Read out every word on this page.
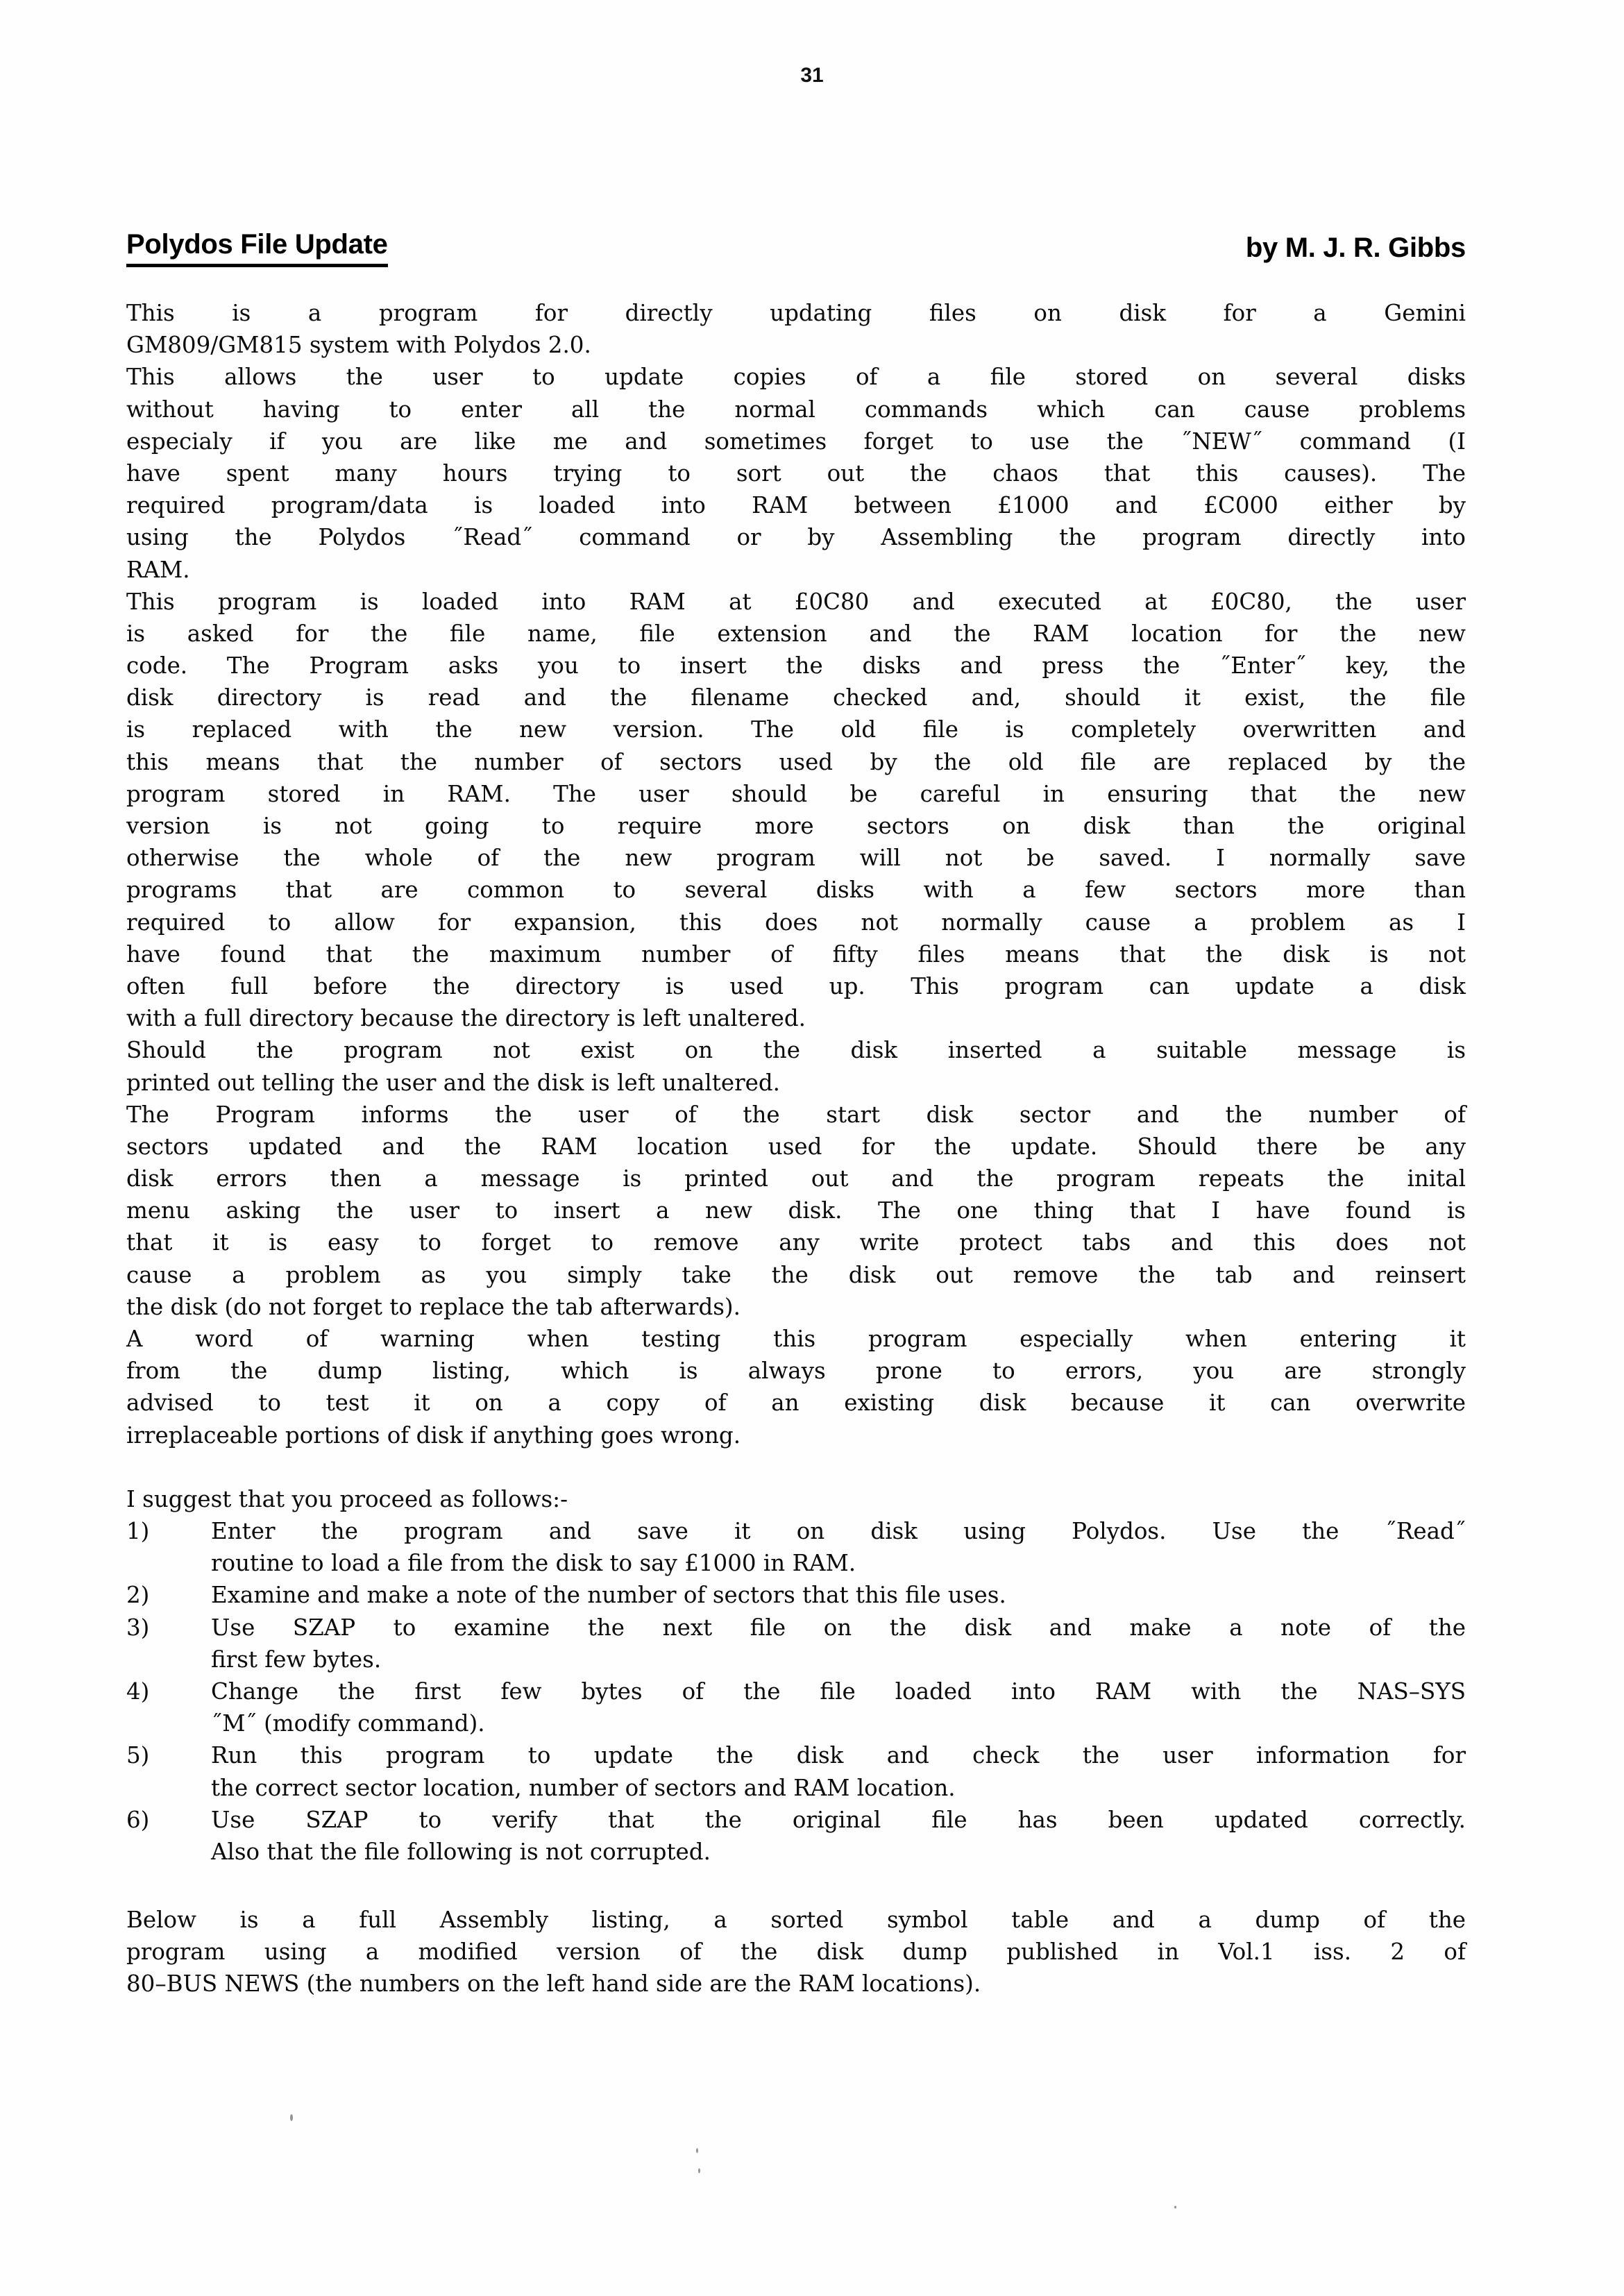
31
Polydos File Update	by M. J. R. Gibbs
This is a program for directly updating files on disk for a Gemini
GM809/GM815 system with Polydos 2.0.
This allows the user to update copies of a file stored on several disks
without having to enter all the normal commands which can cause problems
especialy if you are like me and sometimes forget to use the ˝NEW˝ command (I
have spent many hours trying to sort out the chaos that this causes). The
required program/data is loaded into RAM between £1000 and £C000 either by
using the Polydos ˝Read˝ command or by Assembling the program directly into
RAM.
This program is loaded into RAM at £0C80 and executed at £0C80, the user
is asked for the file name, file extension and the RAM location for the new
code. The Program asks you to insert the disks and press the ˝Enter˝ key, the
disk directory is read and the filename checked and, should it exist, the file
is replaced with the new version. The old file is completely overwritten and
this means that the number of sectors used by the old file are replaced by the
program stored in RAM. The user should be careful in ensuring that the new
version is not going to require more sectors on disk than the original
otherwise the whole of the new program will not be saved. I normally save
programs that are common to several disks with a few sectors more than
required to allow for expansion, this does not normally cause a problem as I
have found that the maximum number of fifty files means that the disk is not
often full before the directory is used up. This program can update a disk
with a full directory because the directory is left unaltered.
Should the program not exist on the disk inserted a suitable message is
printed out telling the user and the disk is left unaltered.
The Program informs the user of the start disk sector and the number of
sectors updated and the RAM location used for the update. Should there be any
disk errors then a message is printed out and the program repeats the inital
menu asking the user to insert a new disk. The one thing that I have found is
that it is easy to forget to remove any write protect tabs and this does not
cause a problem as you simply take the disk out remove the tab and reinsert
the disk (do not forget to replace the tab afterwards).
A word of warning when testing this program especially when entering it
from the dump listing, which is always prone to errors, you are strongly
advised to test it on a copy of an existing disk because it can overwrite
irreplaceable portions of disk if anything goes wrong.
I suggest that you proceed as follows:-
1)	Enter the program and save it on disk using Polydos. Use the ˝Read˝
routine to load a file from the disk to say £1000 in RAM.
2)	Examine and make a note of the number of sectors that this file uses.
3)	Use SZAP to examine the next file on the disk and make a note of the
first few bytes.
4)	Change the first few bytes of the file loaded into RAM with the NAS–SYS
˝M˝ (modify command).
5)	Run this program to update the disk and check the user information for
the correct sector location, number of sectors and RAM location.
6)	Use SZAP to verify that the original file has been updated correctly.
Also that the file following is not corrupted.
Below is a full Assembly listing, a sorted symbol table and a dump of the
program using a modified version of the disk dump published in Vol.1 iss. 2 of
80–BUS NEWS (the numbers on the left hand side are the RAM locations).
